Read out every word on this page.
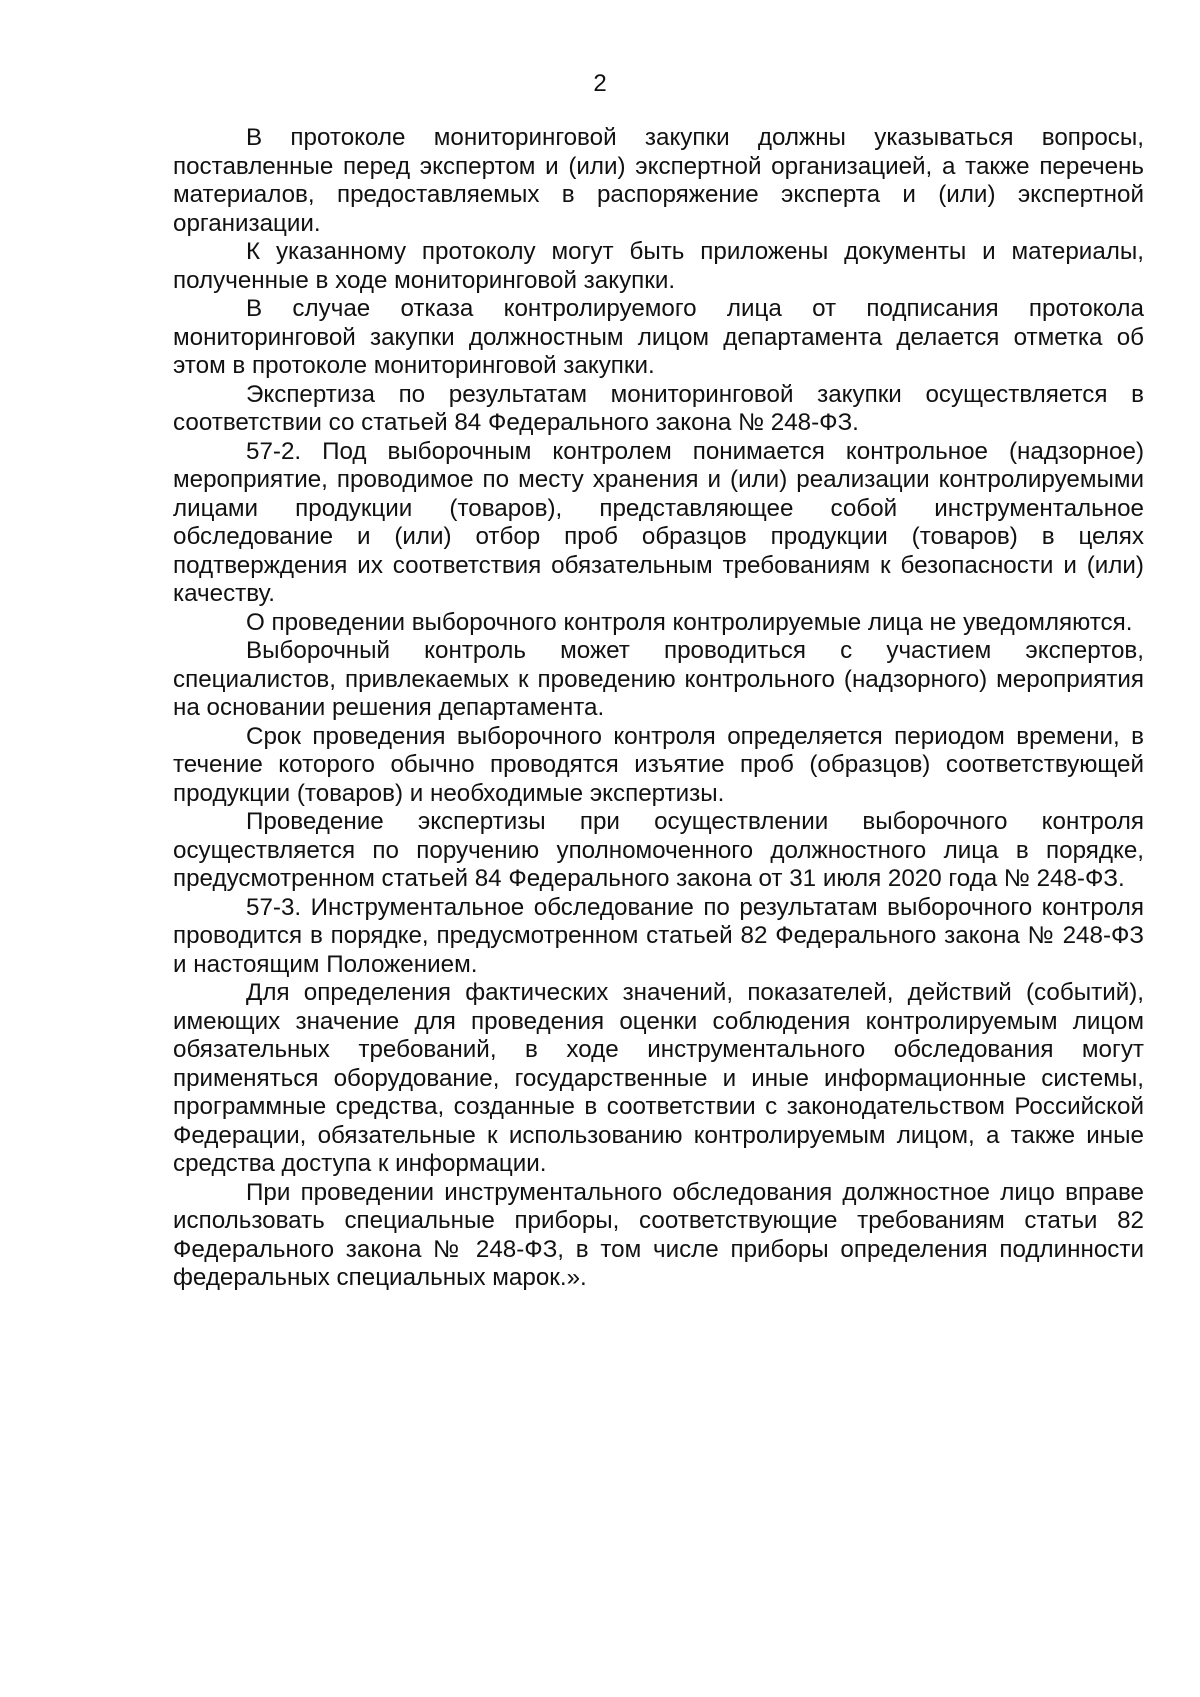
2

В протоколе мониторинговой закупки должны указываться вопросы, поставленные перед экспертом и (или) экспертной организацией, а также перечень материалов, предоставляемых в распоряжение эксперта и (или) экспертной организации.

К указанному протоколу могут быть приложены документы и материалы, полученные в ходе мониторинговой закупки.

В случае отказа контролируемого лица от подписания протокола мониторинговой закупки должностным лицом департамента делается отметка об этом в протоколе мониторинговой закупки.

Экспертиза по результатам мониторинговой закупки осуществляется в соответствии со статьей 84 Федерального закона № 248-ФЗ.

57-2. Под выборочным контролем понимается контрольное (надзорное) мероприятие, проводимое по месту хранения и (или) реализации контролируемыми лицами продукции (товаров), представляющее собой инструментальное обследование и (или) отбор проб образцов продукции (товаров) в целях подтверждения их соответствия обязательным требованиям к безопасности и (или) качеству.

О проведении выборочного контроля контролируемые лица не уведомляются.

Выборочный контроль может проводиться с участием экспертов, специалистов, привлекаемых к проведению контрольного (надзорного) мероприятия на основании решения департамента.

Срок проведения выборочного контроля определяется периодом времени, в течение которого обычно проводятся изъятие проб (образцов) соответствующей продукции (товаров) и необходимые экспертизы.

Проведение экспертизы при осуществлении выборочного контроля осуществляется по поручению уполномоченного должностного лица в порядке, предусмотренном статьей 84 Федерального закона от 31 июля 2020 года № 248-ФЗ.

57-3. Инструментальное обследование по результатам выборочного контроля проводится в порядке, предусмотренном статьей 82 Федерального закона № 248-ФЗ и настоящим Положением.

Для определения фактических значений, показателей, действий (событий), имеющих значение для проведения оценки соблюдения контролируемым лицом обязательных требований, в ходе инструментального обследования могут применяться оборудование, государственные и иные информационные системы, программные средства, созданные в соответствии с законодательством Российской Федерации, обязательные к использованию контролируемым лицом, а также иные средства доступа к информации.

При проведении инструментального обследования должностное лицо вправе использовать специальные приборы, соответствующие требованиям статьи 82 Федерального закона № 248-ФЗ, в том числе приборы определения подлинности федеральных специальных марок.».
